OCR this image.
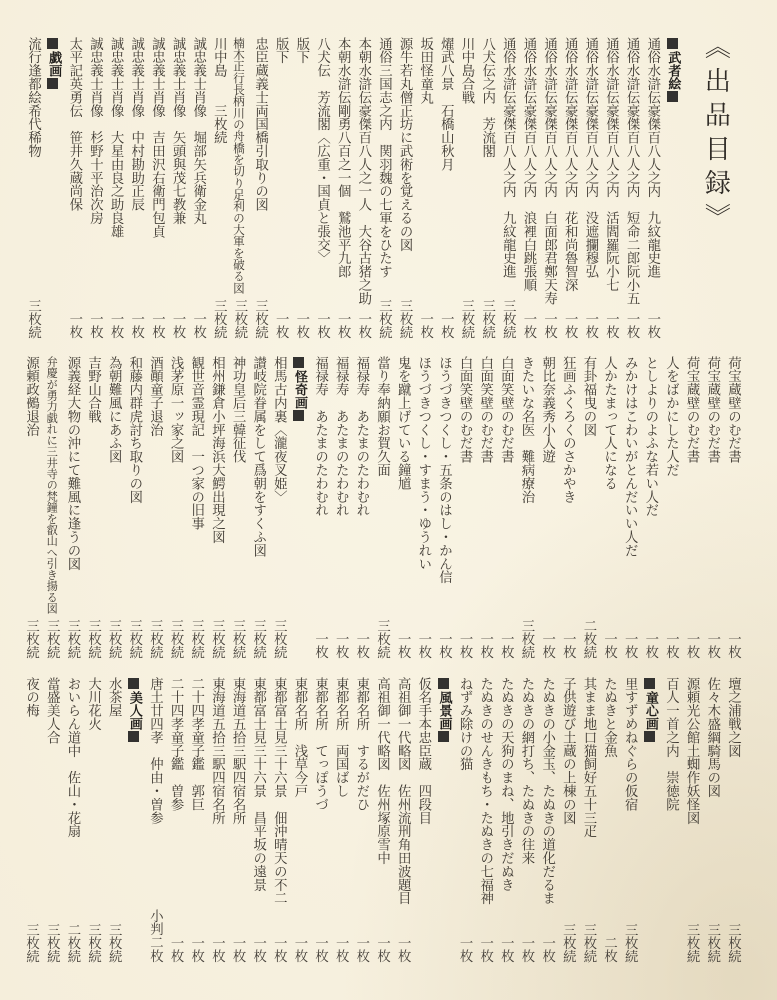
《出品目録》
武者絵
通俗水滸伝豪傑百八人之内　九紋龍史進
一枚
通俗水滸伝豪傑百八人之内　短命二郎阮小五
一枚
通俗水滸伝豪傑百八人之内　活閻羅阮小七
一枚
通俗水滸伝豪傑百八人之内　没遮攔穆弘
一枚
通俗水滸伝豪傑百八人之内　花和尚魯智深
一枚
通俗水滸伝豪傑百八人之内　白面郎君鄭天寿
一枚
通俗水滸伝豪傑百八人之内　浪裡白跳張順
一枚
通俗水滸伝豪傑百八人之内　九紋龍史進
三枚続
八犬伝之内　芳流閣
三枚続
川中島合戦
三枚続
燿武八景　石橋山秋月
一枚
坂田怪童丸
一枚
源牛若丸僧正坊に武術を覚えるの図
三枚続
通俗三国志之内　関羽魏の七軍をひたす
三枚続
本朝水滸伝豪傑百八人之一人　大谷古猪之助
一枚
本朝水滸伝剛勇八百之一個　鷲池平九郎
一枚
八犬伝　芳流閣〈広重・国貞と張交〉
一枚
版下
一枚
版下
一枚
忠臣蔵義士両国橋引取りの図
三枚続
楠木正行長柄川の舟橋を切り足利の大軍を破る図
三枚続
川中島　　三枚続
三枚続
誠忠義士肖像　堀部矢兵衛金丸
一枚
誠忠義士肖像　矢頭與茂七教兼
一枚
誠忠義士肖像　吉田沢右衛門包貞
一枚
誠忠義士肖像　中村勘助正辰
一枚
誠忠義士肖像　大星由良之助良雄
一枚
誠忠義士肖像　杉野十平治次房
一枚
太平記英勇伝　笹井久蔵尚保
一枚
戯画
流行逢都絵希代稀物
三枚続
荷宝蔵壁のむだ書
一枚
荷宝蔵壁のむだ書
一枚
荷宝蔵壁のむだ書
一枚
人をばかにした人だ
一枚
としよりのよふな若い人だ
一枚
みかけはこわいがとんだいい人だ
一枚
人かたまって人になる
一枚
有卦福曳の図
二枚続
狂画ふくろくのさかやき
一枚
朝比奈義秀小人遊
一枚
きたいな名医　難病療治
三枚続
白面笑壁のむだ書
一枚
白面笑壁のむだ書
一枚
白面笑壁のむだ書
一枚
ほうづきつくし・五条のはし・かん信
一枚
ほうづきつくし・すまう・ゆうれい
一枚
鬼を蹴上げている鐘馗
一枚
當り奉納願お賀久面
三枚続
福禄寿　あたまのたわむれ
一枚
福禄寿　あたまのたわむれ
一枚
福禄寿　あたまのたわむれ
一枚
怪奇画
相馬古内裏〈瀧夜叉姫〉
三枚続
讃岐院眷属をして爲朝をすくふ図
三枚続
神功皇后三韓征伐
三枚続
相州鎌倉小坪海浜大鰐出現之図
三枚続
観世音霊現記　一つ家の旧事
三枚続
浅茅原一ッ家之図
三枚続
酒顚童子退治
三枚続
和藤内群虎討ち取りの図
三枚続
為朝難風にあふ図
三枚続
吉野山合戦
三枚続
源義経大物の沖にて難風に逢うの図
三枚続
弁慶が勇力戯れに三井寺の梵鐘を叡山へ引き揚る図
三枚続
源頼政鵺退治
三枚続
壇之浦戦之図
三枚続
佐々木盛綱騎馬の図
三枚続
源頼光公館土蜘作妖怪図
三枚続
百人一首之内　崇徳院
童心画
里すずめねぐらの仮宿
三枚続
たぬきと金魚
二枚
其まま地口猫飼好五十三疋
三枚続
子供遊び土蔵の上棟の図
三枚続
たぬきの小金玉、たぬきの道化だるま
一枚
たぬきの網打ち、たぬきの往来
一枚
たぬきの天狗のまね、地引きだぬき
一枚
たぬきのせんきもち・たぬきの七福神
一枚
ねずみ除けの猫
一枚
風景画
仮名手本忠臣蔵　四段目
高祖御一代略図　佐州流刑角田波題目
一枚
高祖御一代略図　佐州塚原雪中
一枚
東都名所　するがだひ
一枚
東都名所　両国ばし
一枚
東都名所　てっぽうづ
一枚
東都名所　浅草今戸
一枚
東都富士見三十六景　佃沖晴天の不二
一枚
東都富士見三十六景　昌平坂の遠景
一枚
東海道五拾三駅四宿名所
一枚
東海道五拾三駅四宿名所
一枚
二十四孝童子鑑　郭巨
一枚
二十四孝童子鑑　曽参
一枚
唐土廿四孝　仲由・曽参
小判二枚
美人画
水茶屋
三枚続
大川花火
三枚続
おいらん道中　佐山・花扇
二枚続
當盛美人合
三枚続
夜の梅
三枚続
